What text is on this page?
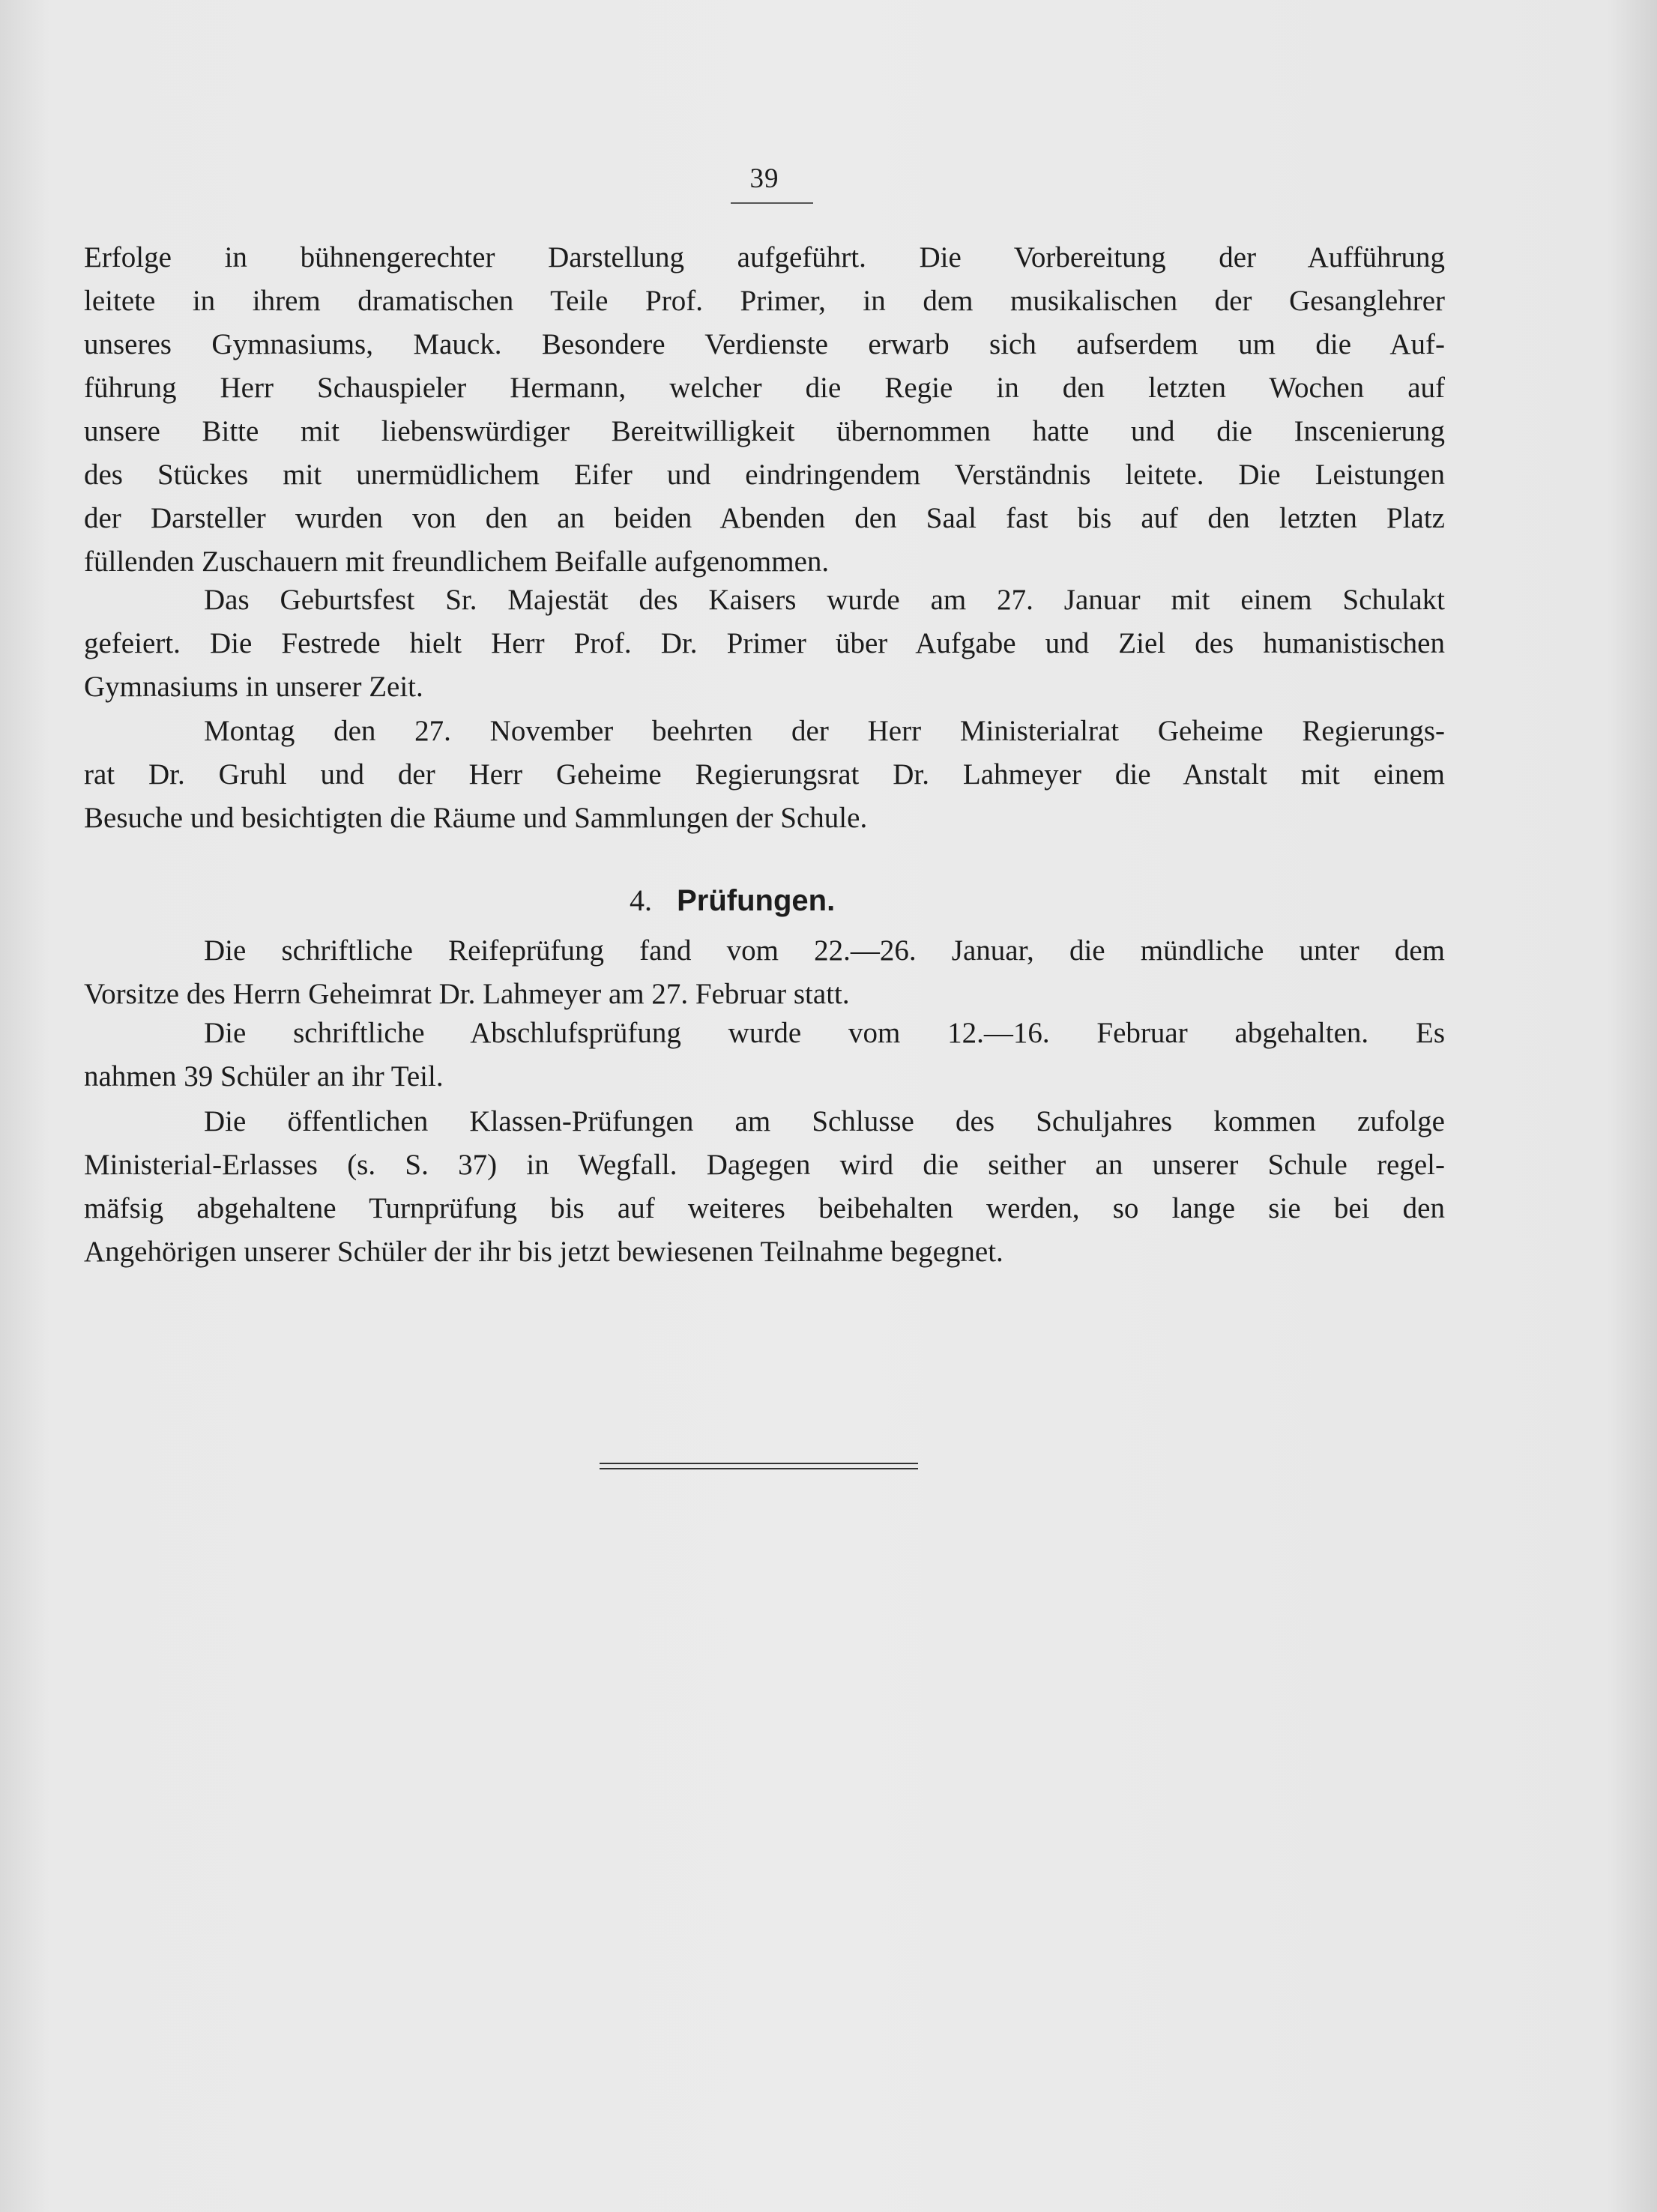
39
Erfolge in bühnengerechter Darstellung aufgeführt. Die Vorbereitung der Aufführung
leitete in ihrem dramatischen Teile Prof. Primer, in dem musikalischen der Gesanglehrer
unseres Gymnasiums, Mauck. Besondere Verdienste erwarb sich aufserdem um die Auf-
führung Herr Schauspieler Hermann, welcher die Regie in den letzten Wochen auf
unsere Bitte mit liebenswürdiger Bereitwilligkeit übernommen hatte und die Inscenierung
des Stückes mit unermüdlichem Eifer und eindringendem Verständnis leitete. Die Leistungen
der Darsteller wurden von den an beiden Abenden den Saal fast bis auf den letzten Platz
füllenden Zuschauern mit freundlichem Beifalle aufgenommen.
Das Geburtsfest Sr. Majestät des Kaisers wurde am 27. Januar mit einem Schulakt
gefeiert. Die Festrede hielt Herr Prof. Dr. Primer über Aufgabe und Ziel des humanistischen
Gymnasiums in unserer Zeit.
Montag den 27. November beehrten der Herr Ministerialrat Geheime Regierungs-
rat Dr. Gruhl und der Herr Geheime Regierungsrat Dr. Lahmeyer die Anstalt mit einem
Besuche und besichtigten die Räume und Sammlungen der Schule.
4. Prüfungen.
Die schriftliche Reifeprüfung fand vom 22.—26. Januar, die mündliche unter dem
Vorsitze des Herrn Geheimrat Dr. Lahmeyer am 27. Februar statt.
Die schriftliche Abschlufsprüfung wurde vom 12.—16. Februar abgehalten. Es
nahmen 39 Schüler an ihr Teil.
Die öffentlichen Klassen-Prüfungen am Schlusse des Schuljahres kommen zufolge
Ministerial-Erlasses (s. S. 37) in Wegfall. Dagegen wird die seither an unserer Schule regel-
mäfsig abgehaltene Turnprüfung bis auf weiteres beibehalten werden, so lange sie bei den
Angehörigen unserer Schüler der ihr bis jetzt bewiesenen Teilnahme begegnet.
